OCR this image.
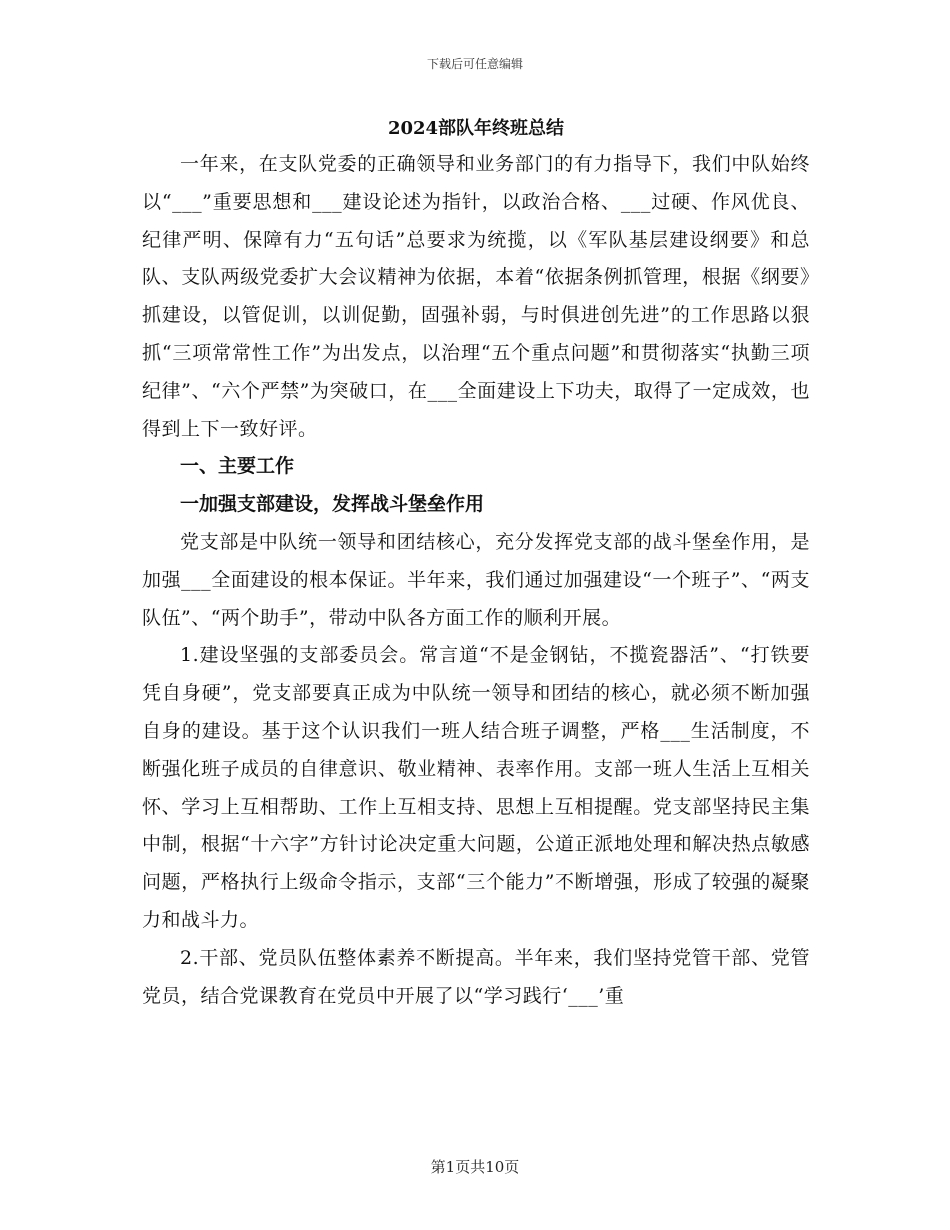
下载后可任意编辑
2024部队年终班总结

一年来，在支队党委的正确领导和业务部门的有力指导下，我们中队始终以“___”重要思想和___建设论述为指针，以政治合格、___过硬、作风优良、纪律严明、保障有力“五句话”总要求为统揽，以《军队基层建设纲要》和总队、支队两级党委扩大会议精神为依据，本着“依据条例抓管理，根据《纲要》抓建设，以管促训，以训促勤，固强补弱，与时俱进创先进”的工作思路以狠抓“三项常常性工作”为出发点，以治理“五个重点问题”和贯彻落实“执勤三项纪律”、“六个严禁”为突破口，在___全面建设上下功夫，取得了一定成效，也得到上下一致好评。

一、主要工作

一加强支部建设，发挥战斗堡垒作用

党支部是中队统一领导和团结核心，充分发挥党支部的战斗堡垒作用，是加强___全面建设的根本保证。半年来，我们通过加强建设“一个班子”、“两支队伍”、“两个助手”，带动中队各方面工作的顺利开展。

1.建设坚强的支部委员会。常言道“不是金钢钻，不揽瓷器活”、“打铁要凭自身硬”，党支部要真正成为中队统一领导和团结的核心，就必须不断加强自身的建设。基于这个认识我们一班人结合班子调整，严格___生活制度，不断强化班子成员的自律意识、敬业精神、表率作用。支部一班人生活上互相关怀、学习上互相帮助、工作上互相支持、思想上互相提醒。党支部坚持民主集中制，根据“十六字”方针讨论决定重大问题，公道正派地处理和解决热点敏感问题，严格执行上级命令指示，支部“三个能力”不断增强，形成了较强的凝聚力和战斗力。

2.干部、党员队伍整体素养不断提高。半年来，我们坚持党管干部、党管党员，结合党课教育在党员中开展了以“学习践行‘___’重

第1页共10页
